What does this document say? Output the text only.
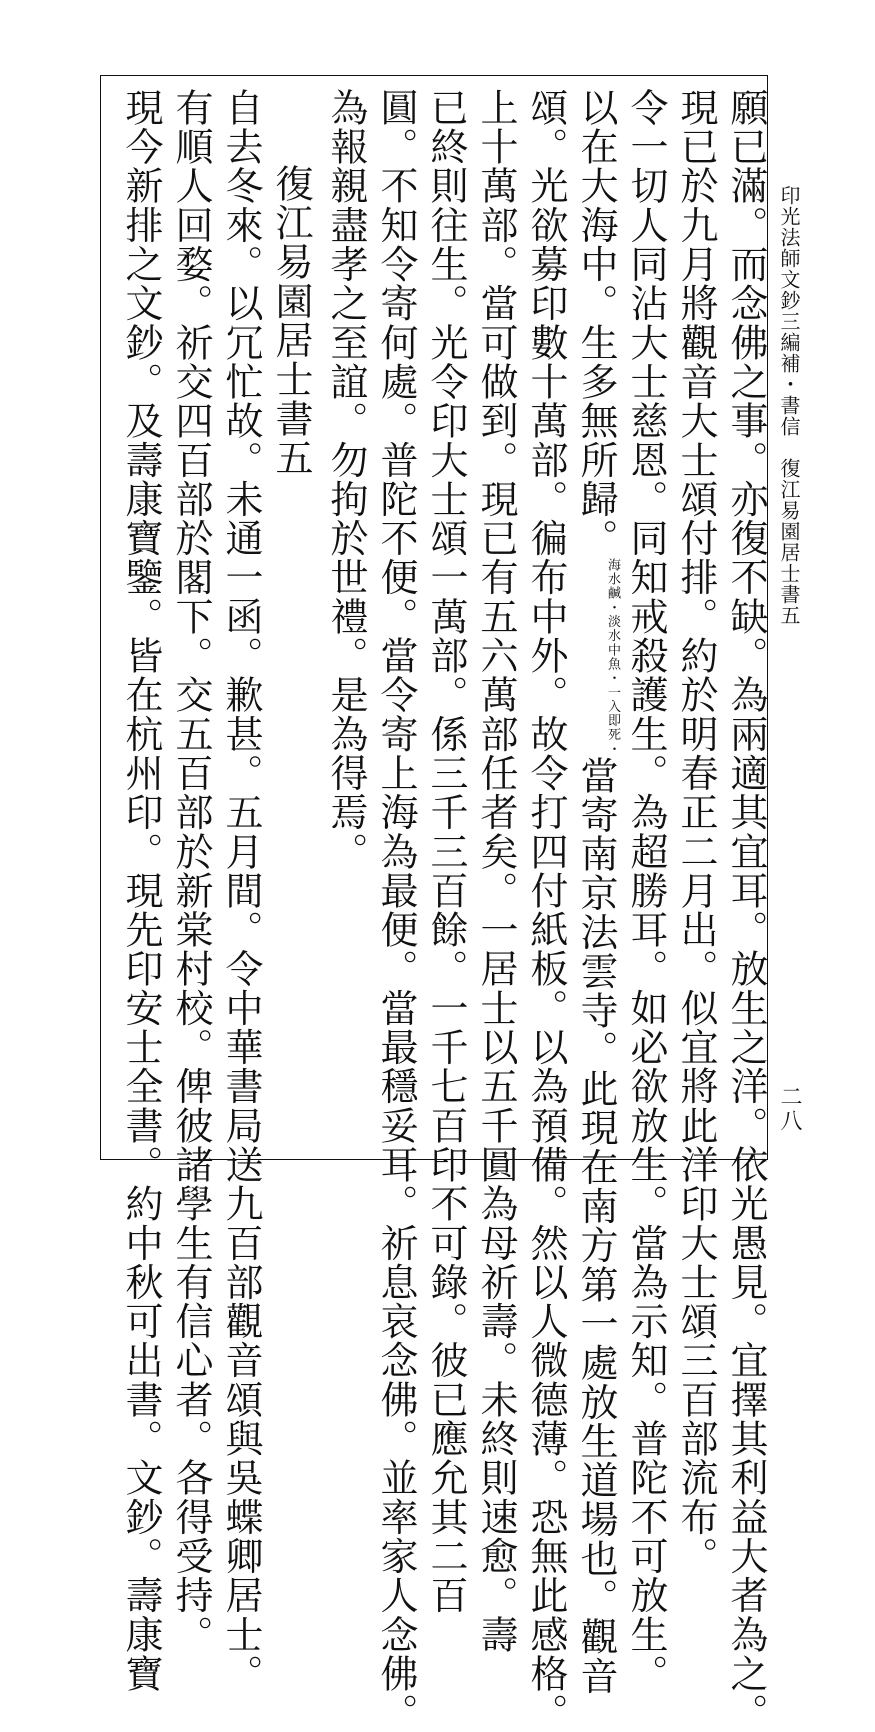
印光法師文鈔三編補・書信　復江易園居士書五
二八
願已滿。而念佛之事。亦復不缺。為兩適其宜耳。放生之洋。依光愚見。宜擇其利益大者為之。
現已於九月將觀音大士頌付排。約於明春正二月出。似宜將此洋印大士頌三百部流布。
令一切人同沾大士慈恩。同知戒殺護生。為超勝耳。如必欲放生。當為示知。普陀不可放生。
以在大海中。生多無所歸。海水鹹・淡水中魚・一入即死・當寄南京法雲寺。此現在南方第一處放生道場也。觀音
頌。光欲募印數十萬部。徧布中外。故令打四付紙板。以為預備。然以人微德薄。恐無此感格。
上十萬部。當可做到。現已有五六萬部任者矣。一居士以五千圓為母祈壽。未終則速愈。壽
已終則往生。光令印大士頌一萬部。係三千三百餘。一千七百印不可錄。彼已應允其二百
圓。不知令寄何處。普陀不便。當令寄上海為最便。當最穩妥耳。祈息哀念佛。並率家人念佛。
為報親盡孝之至誼。勿拘於世禮。是為得焉。
復江易園居士書五
自去冬來。以冗忙故。未通一函。歉甚。五月間。令中華書局送九百部觀音頌與吳蝶卿居士。
有順人回婺。祈交四百部於閣下。交五百部於新棠村校。俾彼諸學生有信心者。各得受持。
現今新排之文鈔。及壽康寶鑒。皆在杭州印。現先印安士全書。約中秋可出書。文鈔。壽康寶
